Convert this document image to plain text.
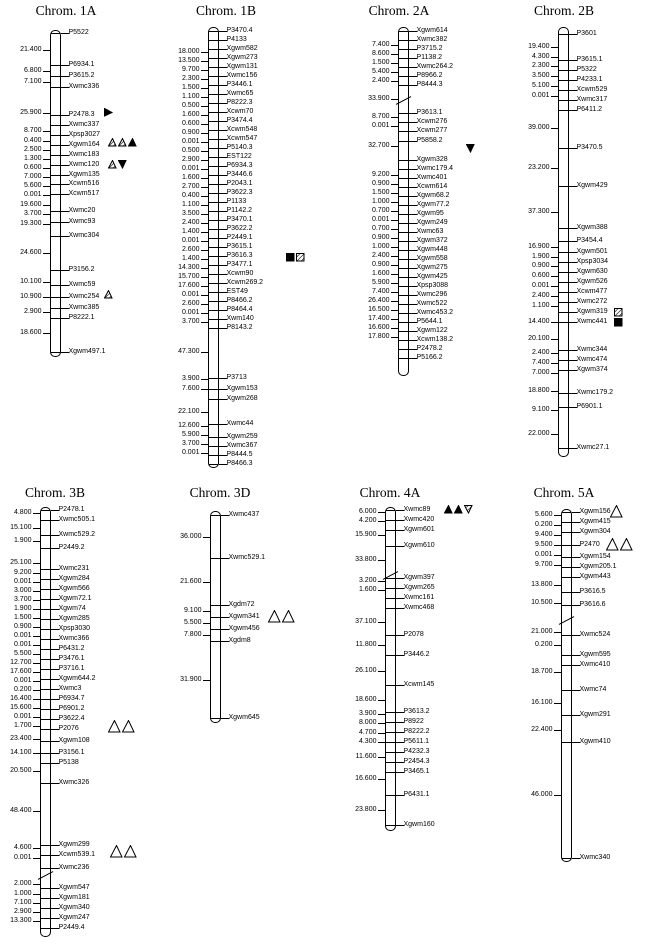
Chrom. 1A
21.400
6.800
7.100
25.900
8.700
0.400
2.500
1.300
0.600
7.000
5.600
0.001
19.600
3.700
19.300
24.600
10.100
10.900
2.900
18.600
P5522
P6934.1
P3615.2
Xwmc336
P2478.3
Xwmc337
Xpsp3027
Xgwm164
Xwmc183
Xwmc120
Xgwm135
Xcwm516
Xcwm517
Xwmc20
Xwmc93
Xwmc304
P3156.2
Xwmc59
Xwmc254
Xwmc385
P8222.1
Xgwm497.1
Chrom. 1B
18.000
13.500
9.700
2.300
1.500
1.100
0.500
1.600
0.600
0.900
0.001
0.500
2.900
0.001
1.600
2.700
0.400
1.100
3.500
2.400
1.400
0.001
2.600
1.400
14.300
15.700
17.600
0.001
2.600
0.001
3.700
47.300
3.900
7.600
22.100
12.600
5.900
3.700
0.001
P3470.4
P4133
Xgwm582
Xgwm273
Xgwm131
Xwmc156
P3446.1
Xwmc65
P8222.3
Xcwm70
P3474.4
Xcwm548
Xcwm547
P5140.3
EST122
P6934.3
P3446.6
P2043.1
P3622.3
P1133
P1142.2
P3470.1
P3622.2
P2449.1
P3615.1
P3616.3
P3477.1
Xcwm90
Xcwm269.2
EST49
P8466.2
P8464.4
Xwm140
P8143.2
P3713
Xgwm153
Xgwm268
Xwmc44
Xgwm259
Xwmc367
P8444.5
P8466.3
Chrom. 2A
7.400
8.600
1.500
5.400
2.400
33.900
8.700
0.001
32.700
9.200
0.900
1.500
1.000
0.700
0.001
0.700
0.900
1.000
2.400
0.900
1.600
5.900
7.400
26.400
16.500
17.400
16.600
17.800
Xgwm614
Xwmc382
P3715.2
P1138.2
Xwmc264.2
P8966.2
P8444.3
P3613.1
Xcwm276
Xcwm277
P5858.2
Xgwm328
Xwmc179.4
Xwmc401
Xcwm614
Xgwm68.2
Xgwm77.2
Xgwm95
Xgwm249
Xwmc63
Xgwm372
Xgwm448
Xgwm558
Xgwm275
Xgwm425
Xpsp3088
Xwmc296
Xwmc522
Xwmc453.2
P5644.1
Xgwm122
Xcwm138.2
P2478.2
P5166.2
Chrom. 2B
19.400
4.300
2.300
3.500
5.100
0.001
39.000
23.200
37.300
16.900
1.900
0.900
0.600
0.001
2.400
1.100
14.400
20.100
2.400
7.400
7.000
18.800
9.100
22.000
P3601
P3615.1
P5322
P4233.1
Xcwm529
Xwmc317
P6411.2
P3470.5
Xgwm429
Xgwm388
P3454.4
Xgwm501
Xpsp3034
Xgwm630
Xgwm526
Xcwm477
Xwmc272
Xgwm319
Xwmc441
Xwmc344
Xwmc474
Xgwm374
Xwmc179.2
P6901.1
Xwmc27.1
Chrom. 3B
4.800
15.100
1.900
25.100
9.200
0.001
3.000
3.700
1.900
1.500
0.900
0.001
0.001
5.500
12.700
17.600
0.001
0.200
16.400
15.600
0.001
1.700
23.400
14.100
20.500
48.400
4.600
0.001
2.000
1.000
7.100
2.900
13.300
P2478.1
Xwmc505.1
Xwmc529.2
P2449.2
Xwmc231
Xgwm284
Xgwm566
Xgwm72.1
Xgwm74
Xgwm285
Xpsp3030
Xwmc366
P6431.2
P3476.1
P3716.1
Xgwm644.2
Xwmc3
P6934.7
P6901.2
P3622.4
P2076
Xgwm108
P3156.1
P5138
Xwmc326
Xgwm299
Xcwm539.1
Xwmc236
Xgwm547
Xgwm181
Xgwm340
Xgwm247
P2449.4
Chrom. 3D
36.000
21.600
9.100
5.500
7.800
31.900
Xwmc437
Xwmc529.1
Xgdm72
Xgwm341
Xgwm456
Xgdm8
Xgwm645
Chrom. 4A
6.000
4.200
15.900
33.800
3.200
1.600
37.100
11.800
26.100
18.600
3.900
8.000
4.700
4.300
11.600
16.600
23.800
Xwmc89
Xwmc420
Xgwm601
Xgwm610
Xgwm397
Xgwm265
Xwmc161
Xwmc468
P2078
P3446.2
Xcwm145
P3613.2
P8922
P8222.2
P5611.1
P4232.3
P2454.3
P3465.1
P6431.1
Xgwm160
Chrom. 5A
5.600
0.200
9.400
9.500
0.001
9.700
13.800
10.500
21.000
0.200
18.700
16.100
22.400
46.000
Xgwm156
Xgwm415
Xgwm304
P2470
Xgwm154
Xgwm205.1
Xgwm443
P3616.5
P3616.6
Xwmc524
Xgwm595
Xwmc410
Xwmc74
Xgwm291
Xgwm410
Xwmc340
